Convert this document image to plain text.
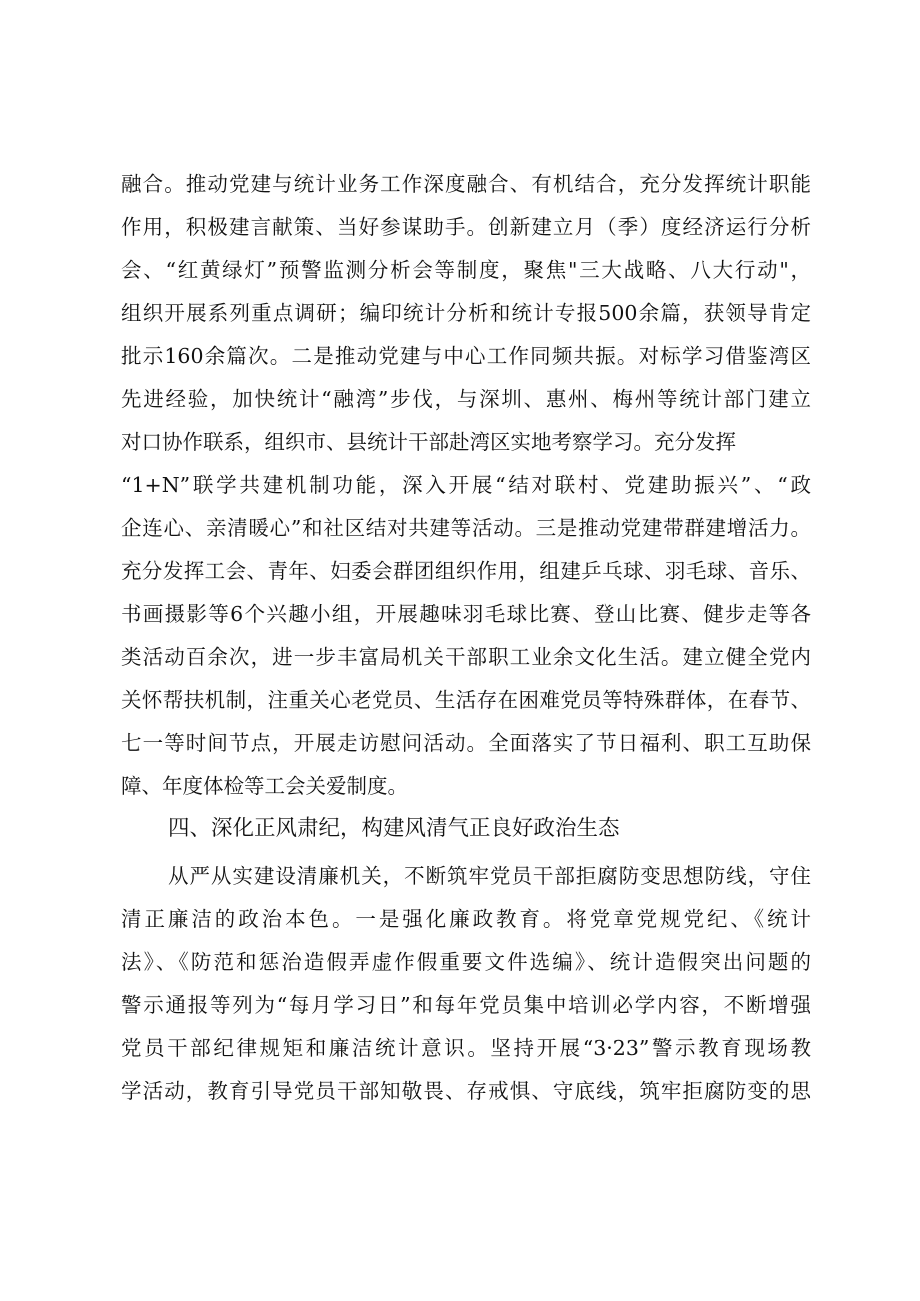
融合。推动党建与统计业务工作深度融合、有机结合，充分发挥统计职能
作用，积极建言献策、当好参谋助手。创新建立月（季）度经济运行分析
会、“红黄绿灯”预警监测分析会等制度，聚焦"三大战略、八大行动"，
组织开展系列重点调研；编印统计分析和统计专报500余篇，获领导肯定
批示160余篇次。二是推动党建与中心工作同频共振。对标学习借鉴湾区
先进经验，加快统计“融湾”步伐，与深圳、惠州、梅州等统计部门建立
对口协作联系，组织市、县统计干部赴湾区实地考察学习。充分发挥
“1+N”联学共建机制功能，深入开展“结对联村、党建助振兴”、“政
企连心、亲清暖心”和社区结对共建等活动。三是推动党建带群建增活力。
充分发挥工会、青年、妇委会群团组织作用，组建乒乓球、羽毛球、音乐、
书画摄影等6个兴趣小组，开展趣味羽毛球比赛、登山比赛、健步走等各
类活动百余次，进一步丰富局机关干部职工业余文化生活。建立健全党内
关怀帮扶机制，注重关心老党员、生活存在困难党员等特殊群体，在春节、
七一等时间节点，开展走访慰问活动。全面落实了节日福利、职工互助保
障、年度体检等工会关爱制度。
四、深化正风肃纪，构建风清气正良好政治生态
从严从实建设清廉机关，不断筑牢党员干部拒腐防变思想防线，守住
清正廉洁的政治本色。一是强化廉政教育。将党章党规党纪、《统计
法》、《防范和惩治造假弄虚作假重要文件选编》、统计造假突出问题的
警示通报等列为“每月学习日”和每年党员集中培训必学内容，不断增强
党员干部纪律规矩和廉洁统计意识。坚持开展“3·23”警示教育现场教
学活动，教育引导党员干部知敬畏、存戒惧、守底线，筑牢拒腐防变的思
